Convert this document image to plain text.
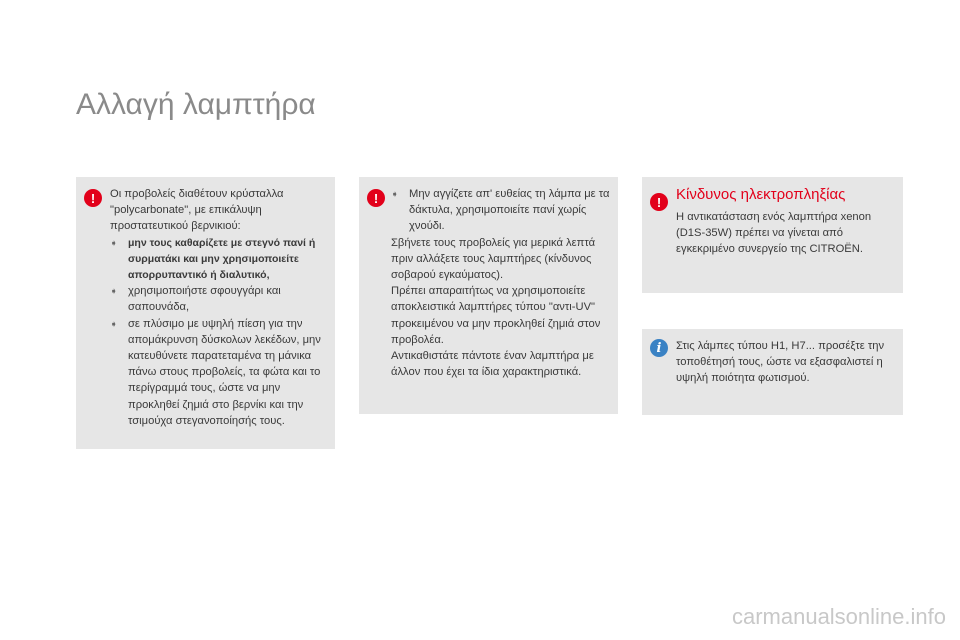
Αλλαγή λαμπτήρα
!	Οι προβολείς διαθέτουν κρύσταλλα "polycarbonate", με επικάλυψη προστατευτικού βερνικιού:

➧ μην τους καθαρίζετε με στεγνό πανί ή συρματάκι και μην χρησιμοποιείτε απορρυπαντικό ή διαλυτικό,
➧ χρησιμοποιήστε σφουγγάρι και σαπουνάδα,
➧ σε πλύσιμο με υψηλή πίεση για την απομάκρυνση δύσκολων λεκέδων, μην κατευθύνετε παρατεταμένα τη μάνικα πάνω στους προβολείς, τα φώτα και το περίγραμμά τους, ώστε να μην προκληθεί ζημιά στο βερνίκι και την τσιμούχα στεγανοποίησής τους.
!	➧ Μην αγγίζετε απ' ευθείας τη λάμπα με τα δάκτυλα, χρησιμοποιείτε πανί χωρίς χνούδι.

Σβήνετε τους προβολείς για μερικά λεπτά πριν αλλάξετε τους λαμπτήρες (κίνδυνος σοβαρού εγκαύματος).

Πρέπει απαραιτήτως να χρησιμοποιείτε αποκλειστικά λαμπτήρες τύπου "αντι-UV" προκειμένου να μην προκληθεί ζημιά στον προβολέα.

Αντικαθιστάτε πάντοτε έναν λαμπτήρα με άλλον που έχει τα ίδια χαρακτηριστικά.

! Κίνδυνος ηλεκτροπληξίας
Η αντικατάσταση ενός λαμπτήρα xenon (D1S-35W) πρέπει να γίνεται από εγκεκριμένο συνεργείο της CITROËN.
i	Στις λάμπες τύπου H1, H7... προσέξτε την τοποθέτησή τους, ώστε να εξασφαλιστεί η υψηλή ποιότητα φωτισμού.
carmanualsonline.info
